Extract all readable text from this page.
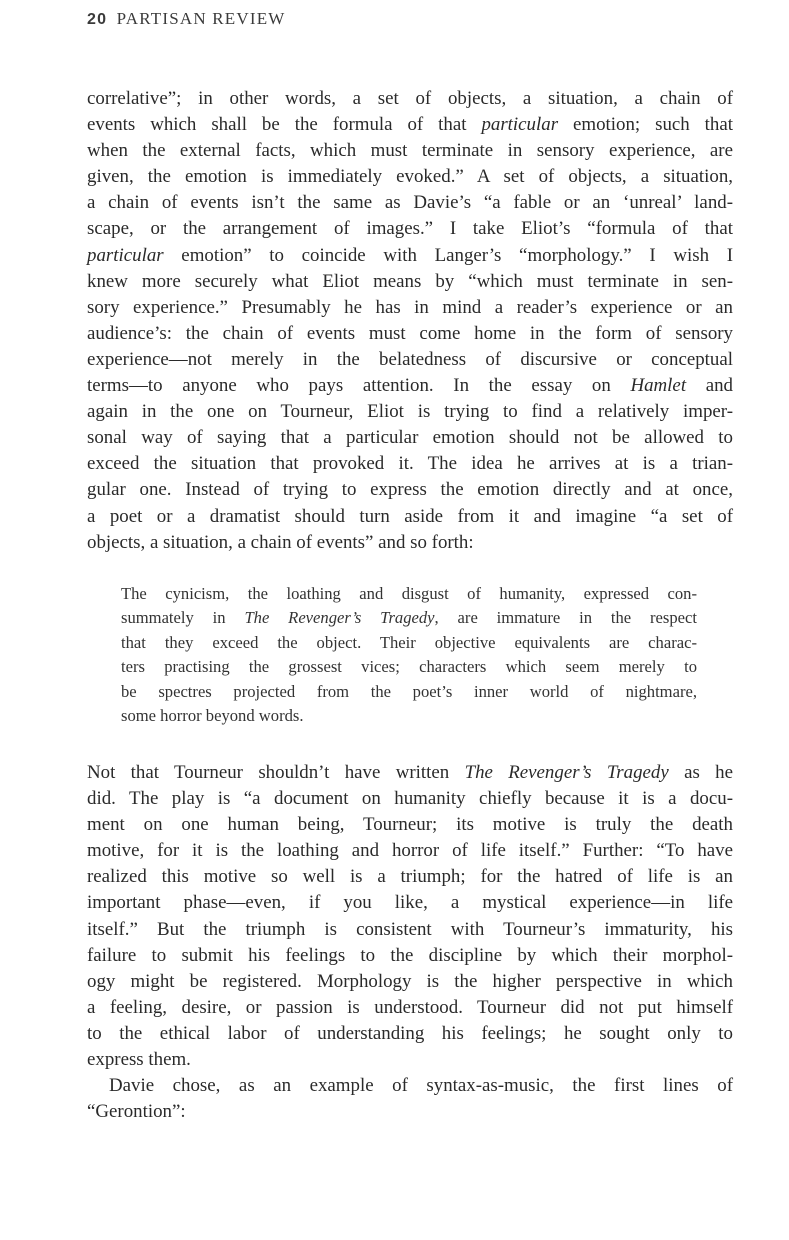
20 PARTISAN REVIEW
correlative”; in other words, a set of objects, a situation, a chain of
events which shall be the formula of that particular emotion; such that
when the external facts, which must terminate in sensory experience, are
given, the emotion is immediately evoked.” A set of objects, a situation,
a chain of events isn’t the same as Davie’s “a fable or an ‘unreal’ land-
scape, or the arrangement of images.” I take Eliot’s “formula of that
particular emotion” to coincide with Langer’s “morphology.” I wish I
knew more securely what Eliot means by “which must terminate in sen-
sory experience.” Presumably he has in mind a reader’s experience or an
audience’s: the chain of events must come home in the form of sensory
experience—not merely in the belatedness of discursive or conceptual
terms—to anyone who pays attention. In the essay on Hamlet and
again in the one on Tourneur, Eliot is trying to find a relatively imper-
sonal way of saying that a particular emotion should not be allowed to
exceed the situation that provoked it. The idea he arrives at is a trian-
gular one. Instead of trying to express the emotion directly and at once,
a poet or a dramatist should turn aside from it and imagine “a set of
objects, a situation, a chain of events” and so forth:
The cynicism, the loathing and disgust of humanity, expressed con-
summately in The Revenger’s Tragedy, are immature in the respect
that they exceed the object. Their objective equivalents are charac-
ters practising the grossest vices; characters which seem merely to
be spectres projected from the poet’s inner world of nightmare,
some horror beyond words.
Not that Tourneur shouldn’t have written The Revenger’s Tragedy as he
did. The play is “a document on humanity chiefly because it is a docu-
ment on one human being, Tourneur; its motive is truly the death
motive, for it is the loathing and horror of life itself.” Further: “To have
realized this motive so well is a triumph; for the hatred of life is an
important phase—even, if you like, a mystical experience—in life
itself.” But the triumph is consistent with Tourneur’s immaturity, his
failure to submit his feelings to the discipline by which their morphol-
ogy might be registered. Morphology is the higher perspective in which
a feeling, desire, or passion is understood. Tourneur did not put himself
to the ethical labor of understanding his feelings; he sought only to
express them.
Davie chose, as an example of syntax-as-music, the first lines of
“Gerontion”:
